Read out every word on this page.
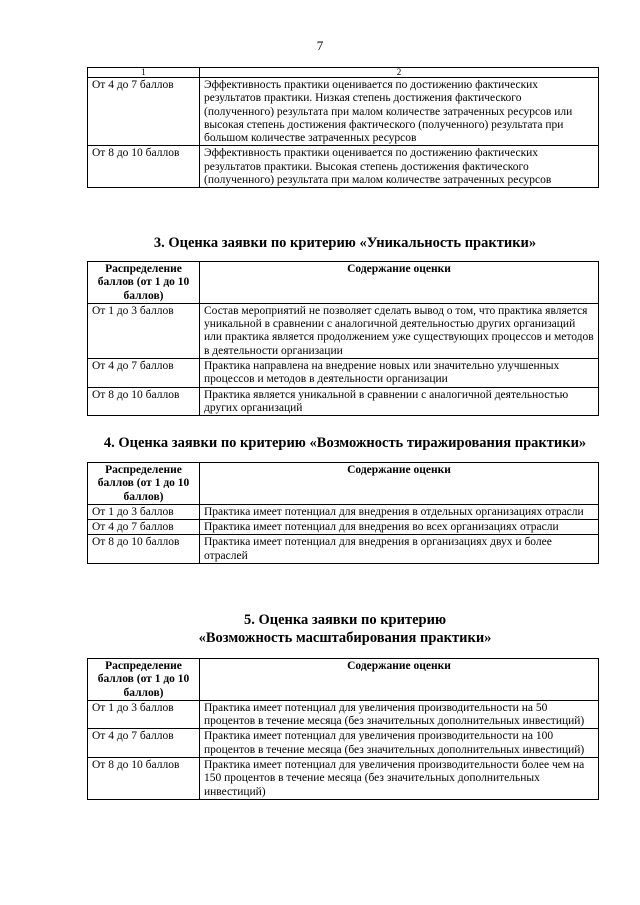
7
1	2
От 4 до 7 баллов	Эффективность практики оценивается по достижению фактических результатов практики. Низкая степень достижения фактического (полученного) результата при малом количестве затраченных ресурсов или высокая степень достижения фактического (полученного) результата при большом количестве затраченных ресурсов
От 8 до 10 баллов	Эффективность практики оценивается по достижению фактических результатов практики. Высокая степень достижения фактического (полученного) результата при малом количестве затраченных ресурсов
3. Оценка заявки по критерию «Уникальность практики»
Распределение баллов (от 1 до 10 баллов)	Содержание оценки
От 1 до 3 баллов	Состав мероприятий не позволяет сделать вывод о том, что практика является уникальной в сравнении с аналогичной деятельностью других организаций или практика является продолжением уже существующих процессов и методов в деятельности организации
От 4 до 7 баллов	Практика направлена на внедрение новых или значительно улучшенных процессов и методов в деятельности организации
От 8 до 10 баллов	Практика является уникальной в сравнении с аналогичной деятельностью других организаций
4. Оценка заявки по критерию «Возможность тиражирования практики»
Распределение баллов (от 1 до 10 баллов)	Содержание оценки
От 1 до 3 баллов	Практика имеет потенциал для внедрения в отдельных организациях отрасли
От 4 до 7 баллов	Практика имеет потенциал для внедрения во всех организациях отрасли
От 8 до 10 баллов	Практика имеет потенциал для внедрения в организациях двух и более отраслей
5. Оценка заявки по критерию
«Возможность масштабирования практики»
Распределение баллов (от 1 до 10 баллов)	Содержание оценки
От 1 до 3 баллов	Практика имеет потенциал для увеличения производительности на 50 процентов в течение месяца (без значительных дополнительных инвестиций)
От 4 до 7 баллов	Практика имеет потенциал для увеличения производительности на 100 процентов в течение месяца (без значительных дополнительных инвестиций)
От 8 до 10 баллов	Практика имеет потенциал для увеличения производительности более чем на 150 процентов в течение месяца (без значительных дополнительных инвестиций)
